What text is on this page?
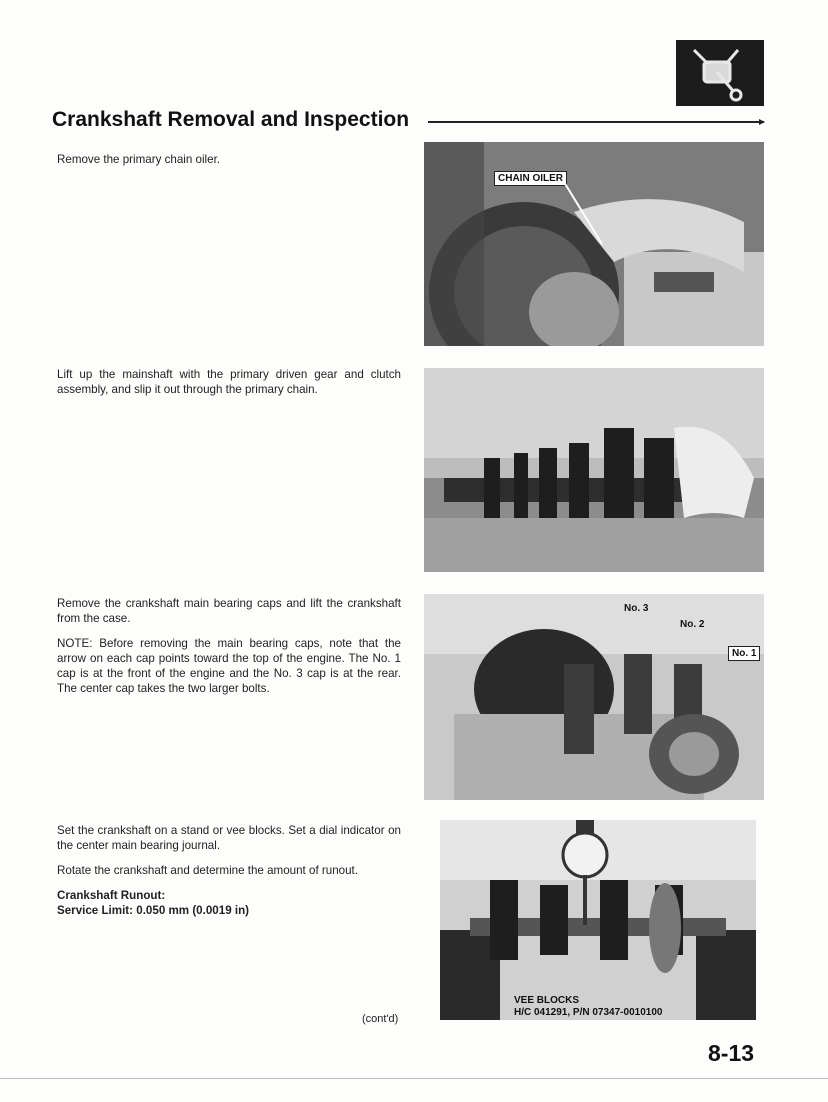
Crankshaft Removal and Inspection

Remove the primary chain oiler.

CHAIN OILER

Lift up the mainshaft with the primary driven gear and clutch assembly, and slip it out through the primary chain.

Remove the crankshaft main bearing caps and lift the crankshaft from the case.

NOTE: Before removing the main bearing caps, note that the arrow on each cap points toward the top of the engine. The No. 1 cap is at the front of the engine and the No. 3 cap is at the rear. The center cap takes the two larger bolts.

No. 3
No. 2
No. 1

Set the crankshaft on a stand or vee blocks. Set a dial indicator on the center main bearing journal.

Rotate the crankshaft and determine the amount of runout.

Crankshaft Runout:
Service Limit: 0.050 mm (0.0019 in)
VEE BLOCKS
H/C 041291, P/N 07347-0010100
(cont'd)
8-13
